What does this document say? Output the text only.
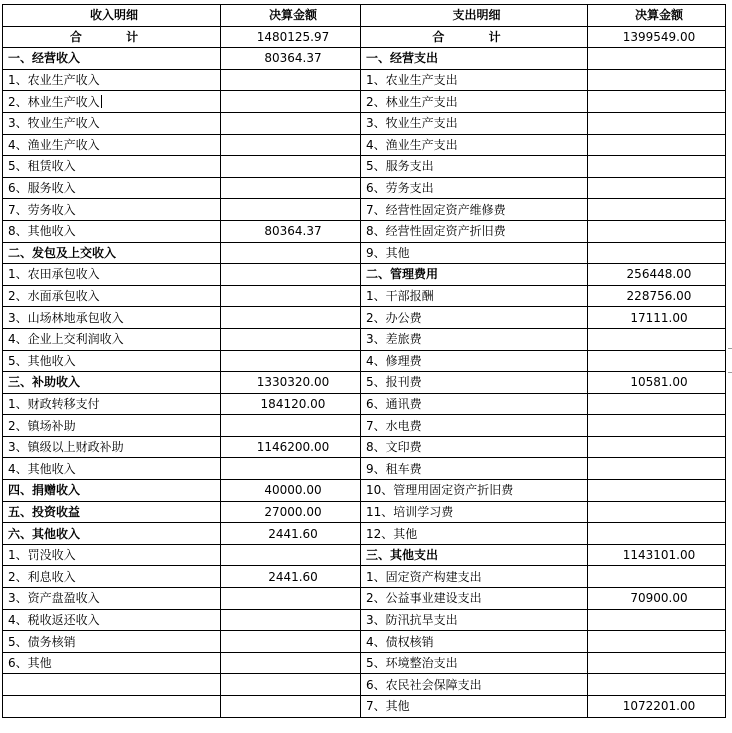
收入明细	决算金额	支出明细	决算金额
合 计	1480125.97	合 计	1399549.00
一、经营收入	80364.37	一、经营支出	
1、农业生产收入		1、农业生产支出	
2、林业生产收入		2、林业生产支出	
3、牧业生产收入		3、牧业生产支出	
4、渔业生产收入		4、渔业生产支出	
5、租赁收入		5、服务支出	
6、服务收入		6、劳务支出	
7、劳务收入		7、经营性固定资产维修费	
8、其他收入	80364.37	8、经营性固定资产折旧费	
二、发包及上交收入		9、其他	
1、农田承包收入		二、管理费用	256448.00
2、水面承包收入		1、干部报酬	228756.00
3、山场林地承包收入		2、办公费	17111.00
4、企业上交利润收入		3、差旅费	
5、其他收入		4、修理费	
三、补助收入	1330320.00	5、报刊费	10581.00
1、财政转移支付	184120.00	6、通讯费	
2、镇场补助		7、水电费	
3、镇级以上财政补助	1146200.00	8、文印费	
4、其他收入		9、租车费	
四、捐赠收入	40000.00	10、管理用固定资产折旧费	
五、投资收益	27000.00	11、培训学习费	
六、其他收入	2441.60	12、其他	
1、罚没收入		三、其他支出	1143101.00
2、利息收入	2441.60	1、固定资产构建支出	
3、资产盘盈收入		2、公益事业建设支出	70900.00
4、税收返还收入		3、防汛抗旱支出	
5、债务核销		4、债权核销	
6、其他		5、环境整治支出	
		6、农民社会保障支出	
		7、其他	1072201.00
